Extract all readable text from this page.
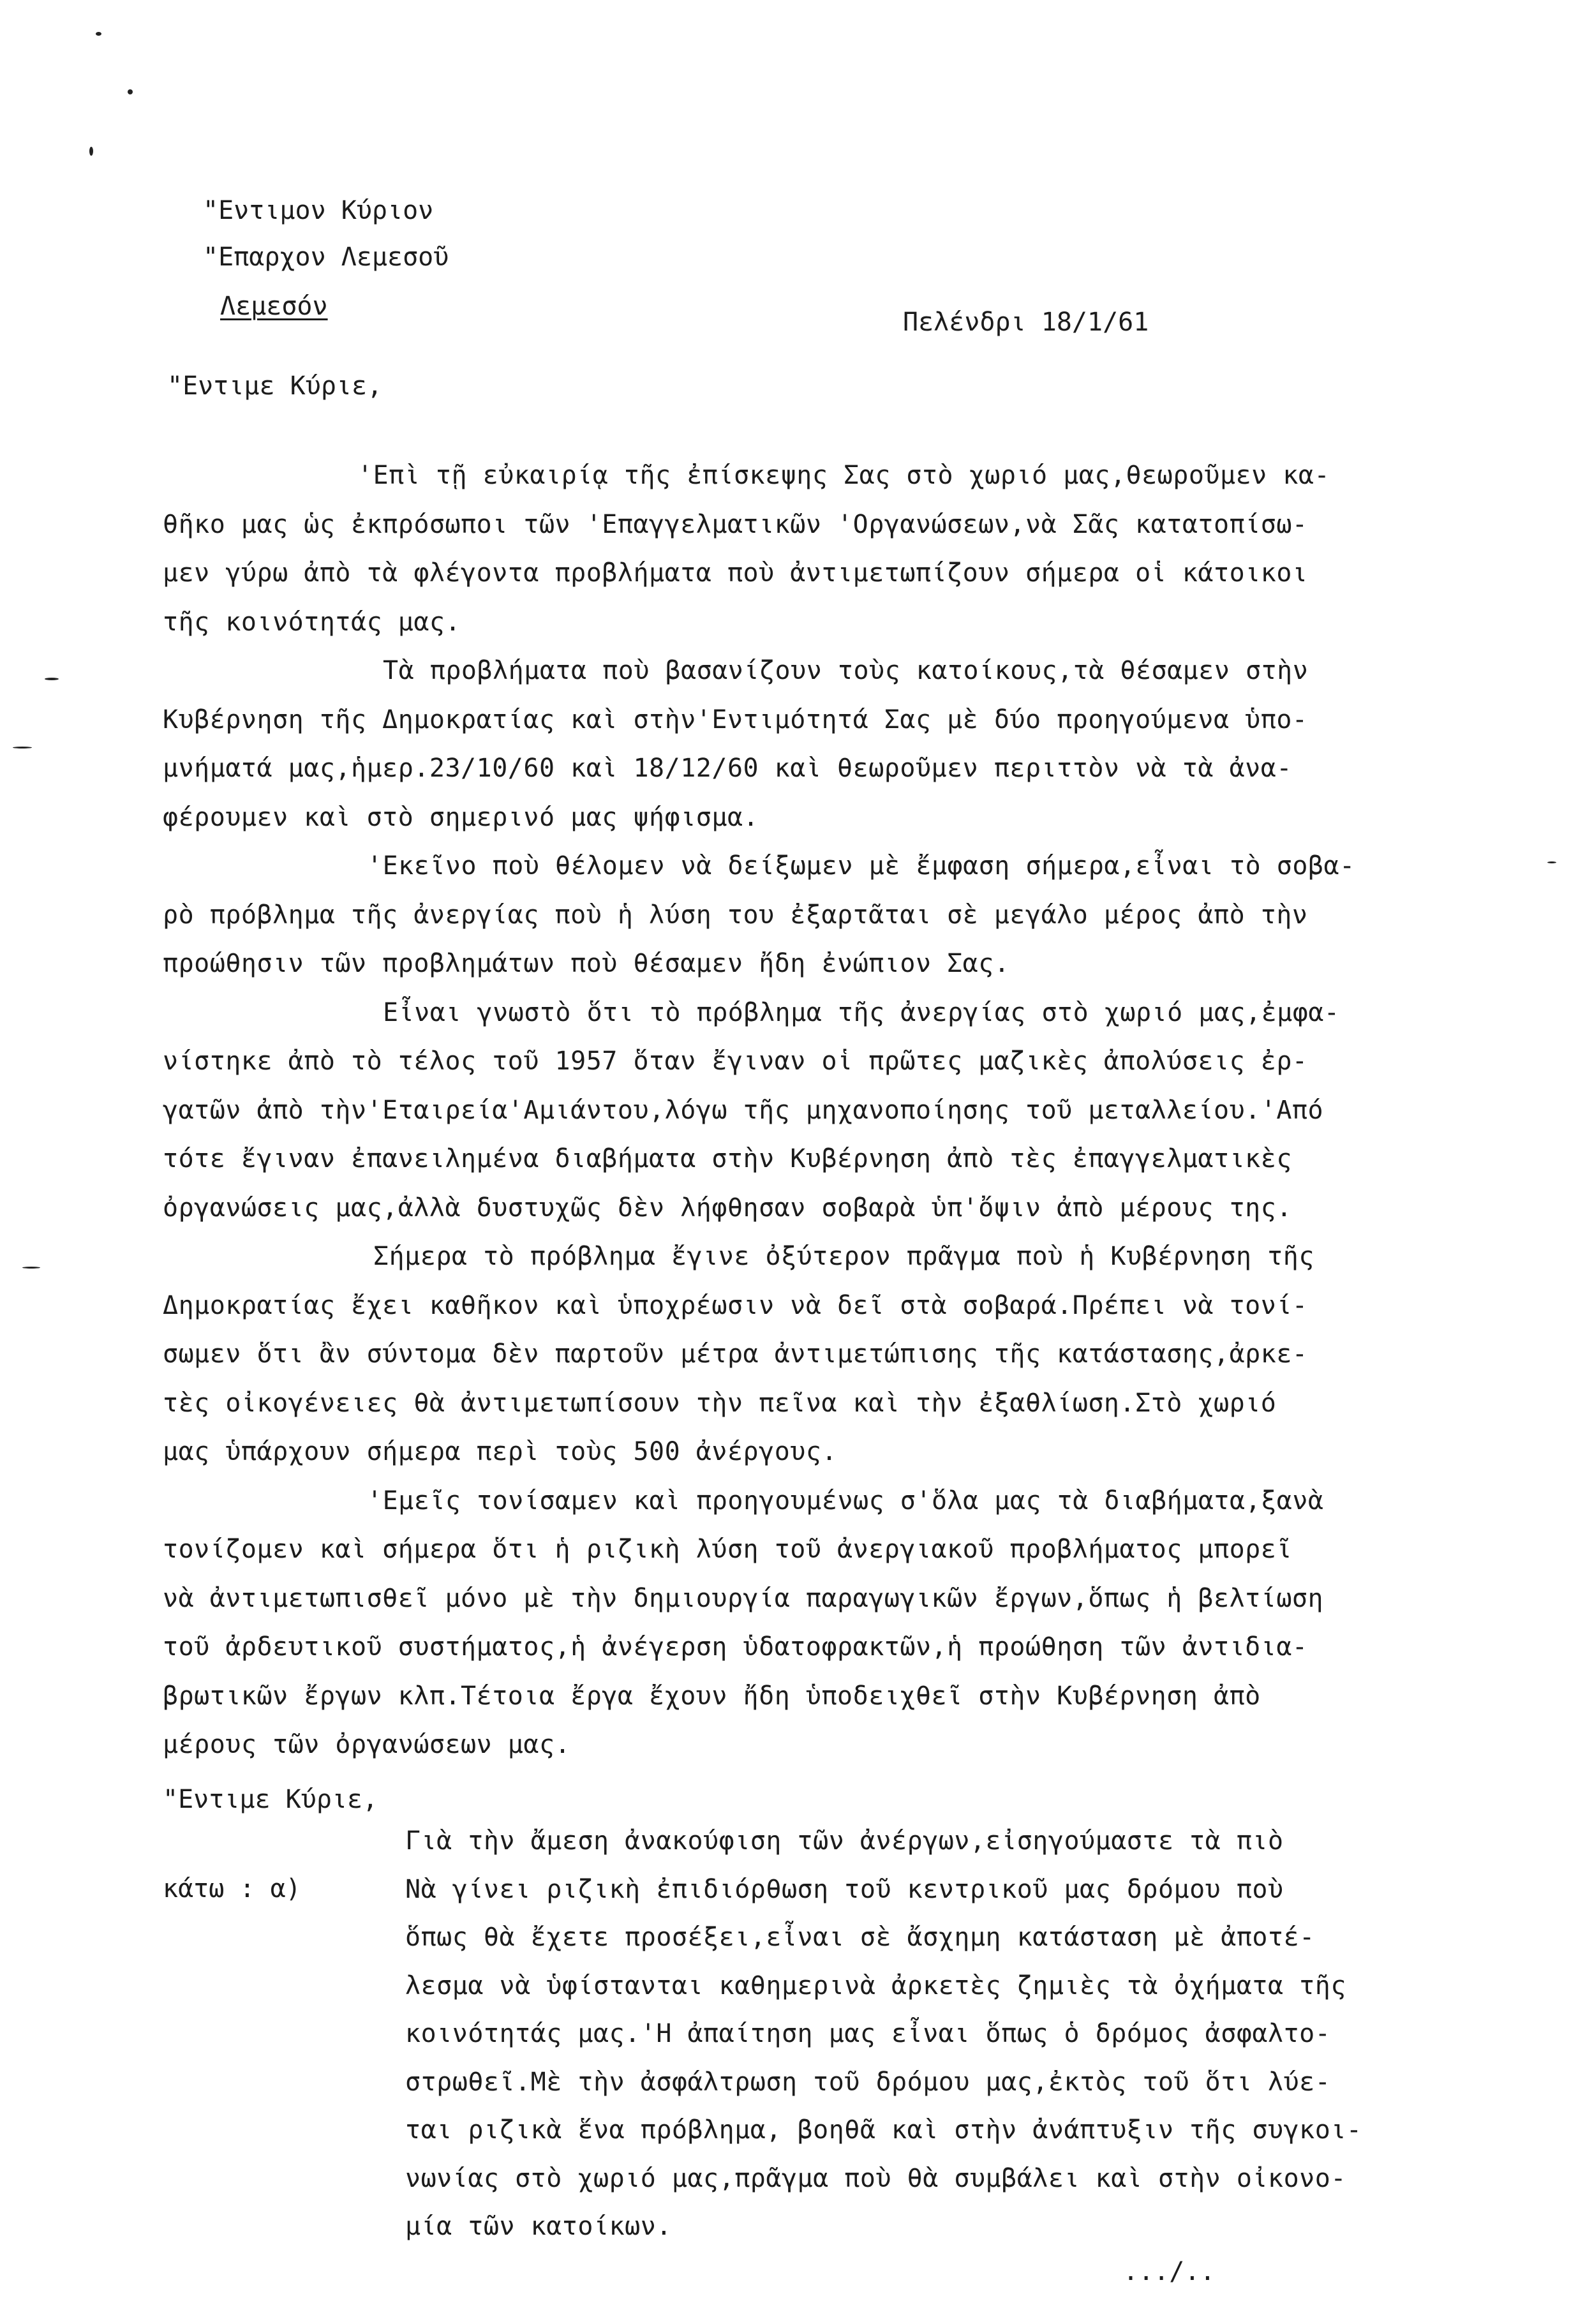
"Εντιμον Κύριον
"Επαρχον Λεμεσοῦ
Λεμεσόν
Πελένδρι 18/1/61
"Εντιμε Κύριε,
'Επὶ τῇ εὐκαιρίᾳ τῆς ἐπίσκεψης Σας στὸ χωριό μας,θεωροῦμεν κα-
θῆκο μας ὡς ἐκπρόσωποι τῶν 'Επαγγελματικῶν 'Οργανώσεων,νὰ Σᾶς κατατοπίσω-
μεν γύρω ἀπὸ τὰ φλέγοντα προβλήματα ποὺ ἀντιμετωπίζουν σήμερα οἱ κάτοικοι
τῆς κοινότητάς μας.
Τὰ προβλήματα ποὺ βασανίζουν τοὺς κατοίκους,τὰ θέσαμεν στὴν
Κυβέρνηση τῆς Δημοκρατίας καὶ στὴν'Εντιμότητά Σας μὲ δύο προηγούμενα ὑπο-
μνήματά μας,ἡμερ.23/10/60 καὶ 18/12/60 καὶ θεωροῦμεν περιττὸν νὰ τὰ ἀνα-
φέρουμεν καὶ στὸ σημερινό μας ψήφισμα.
'Εκεῖνο ποὺ θέλομεν νὰ δείξωμεν μὲ ἔμφαση σήμερα,εἶναι τὸ σοβα-
ρὸ πρόβλημα τῆς ἀνεργίας ποὺ ἡ λύση του ἐξαρτᾶται σὲ μεγάλο μέρος ἀπὸ τὴν
προώθησιν τῶν προβλημάτων ποὺ θέσαμεν ἤδη ἐνώπιον Σας.
Εἶναι γνωστὸ ὅτι τὸ πρόβλημα τῆς ἀνεργίας στὸ χωριό μας,ἐμφα-
νίστηκε ἀπὸ τὸ τέλος τοῦ 1957 ὅταν ἔγιναν οἱ πρῶτες μαζικὲς ἀπολύσεις ἐρ-
γατῶν ἀπὸ τὴν'Εταιρεία'Αμιάντου,λόγω τῆς μηχανοποίησης τοῦ μεταλλείου.'Από
τότε ἔγιναν ἐπανειλημένα διαβήματα στὴν Κυβέρνηση ἀπὸ τὲς ἐπαγγελματικὲς
ὀργανώσεις μας,ἀλλὰ δυστυχῶς δὲν λήφθησαν σοβαρὰ ὑπ'ὄψιν ἀπὸ μέρους της.
Σήμερα τὸ πρόβλημα ἔγινε ὀξύτερον πρᾶγμα ποὺ ἡ Κυβέρνηση τῆς
Δημοκρατίας ἔχει καθῆκον καὶ ὑποχρέωσιν νὰ δεῖ στὰ σοβαρά.Πρέπει νὰ τονί-
σωμεν ὅτι ἂν σύντομα δὲν παρτοῦν μέτρα ἀντιμετώπισης τῆς κατάστασης,ἀρκε-
τὲς οἰκογένειες θὰ ἀντιμετωπίσουν τὴν πεῖνα καὶ τὴν ἐξαθλίωση.Στὸ χωριό
μας ὑπάρχουν σήμερα περὶ τοὺς 500 ἀνέργους.
'Εμεῖς τονίσαμεν καὶ προηγουμένως σ'ὅλα μας τὰ διαβήματα,ξανὰ
τονίζομεν καὶ σήμερα ὅτι ἡ ριζικὴ λύση τοῦ ἀνεργιακοῦ προβλήματος μπορεῖ
νὰ ἀντιμετωπισθεῖ μόνο μὲ τὴν δημιουργία παραγωγικῶν ἔργων,ὅπως ἡ βελτίωση
τοῦ ἀρδευτικοῦ συστήματος,ἡ ἀνέγερση ὑδατοφρακτῶν,ἡ προώθηση τῶν ἀντιδια-
βρωτικῶν ἔργων κλπ.Τέτοια ἔργα ἔχουν ἤδη ὑποδειχθεῖ στὴν Κυβέρνηση ἀπὸ
μέρους τῶν ὀργανώσεων μας.
"Εντιμε Κύριε,
κάτω : α)
Γιὰ τὴν ἄμεση ἀνακούφιση τῶν ἀνέργων,εἰσηγούμαστε τὰ πιὸ
Νὰ γίνει ριζικὴ ἐπιδιόρθωση τοῦ κεντρικοῦ μας δρόμου ποὺ
ὅπως θὰ ἔχετε προσέξει,εἶναι σὲ ἄσχημη κατάσταση μὲ ἀποτέ-
λεσμα νὰ ὑφίστανται καθημερινὰ ἀρκετὲς ζημιὲς τὰ ὀχήματα τῆς
κοινότητάς μας.'Η ἀπαίτηση μας εἶναι ὅπως ὁ δρόμος ἀσφαλτο-
στρωθεῖ.Μὲ τὴν ἀσφάλτρωση τοῦ δρόμου μας,ἐκτὸς τοῦ ὅτι λύε-
ται ριζικὰ ἕνα πρόβλημα, βοηθᾶ καὶ στὴν ἀνάπτυξιν τῆς συγκοι-
νωνίας στὸ χωριό μας,πρᾶγμα ποὺ θὰ συμβάλει καὶ στὴν οἰκονο-
μία τῶν κατοίκων.
.../..
